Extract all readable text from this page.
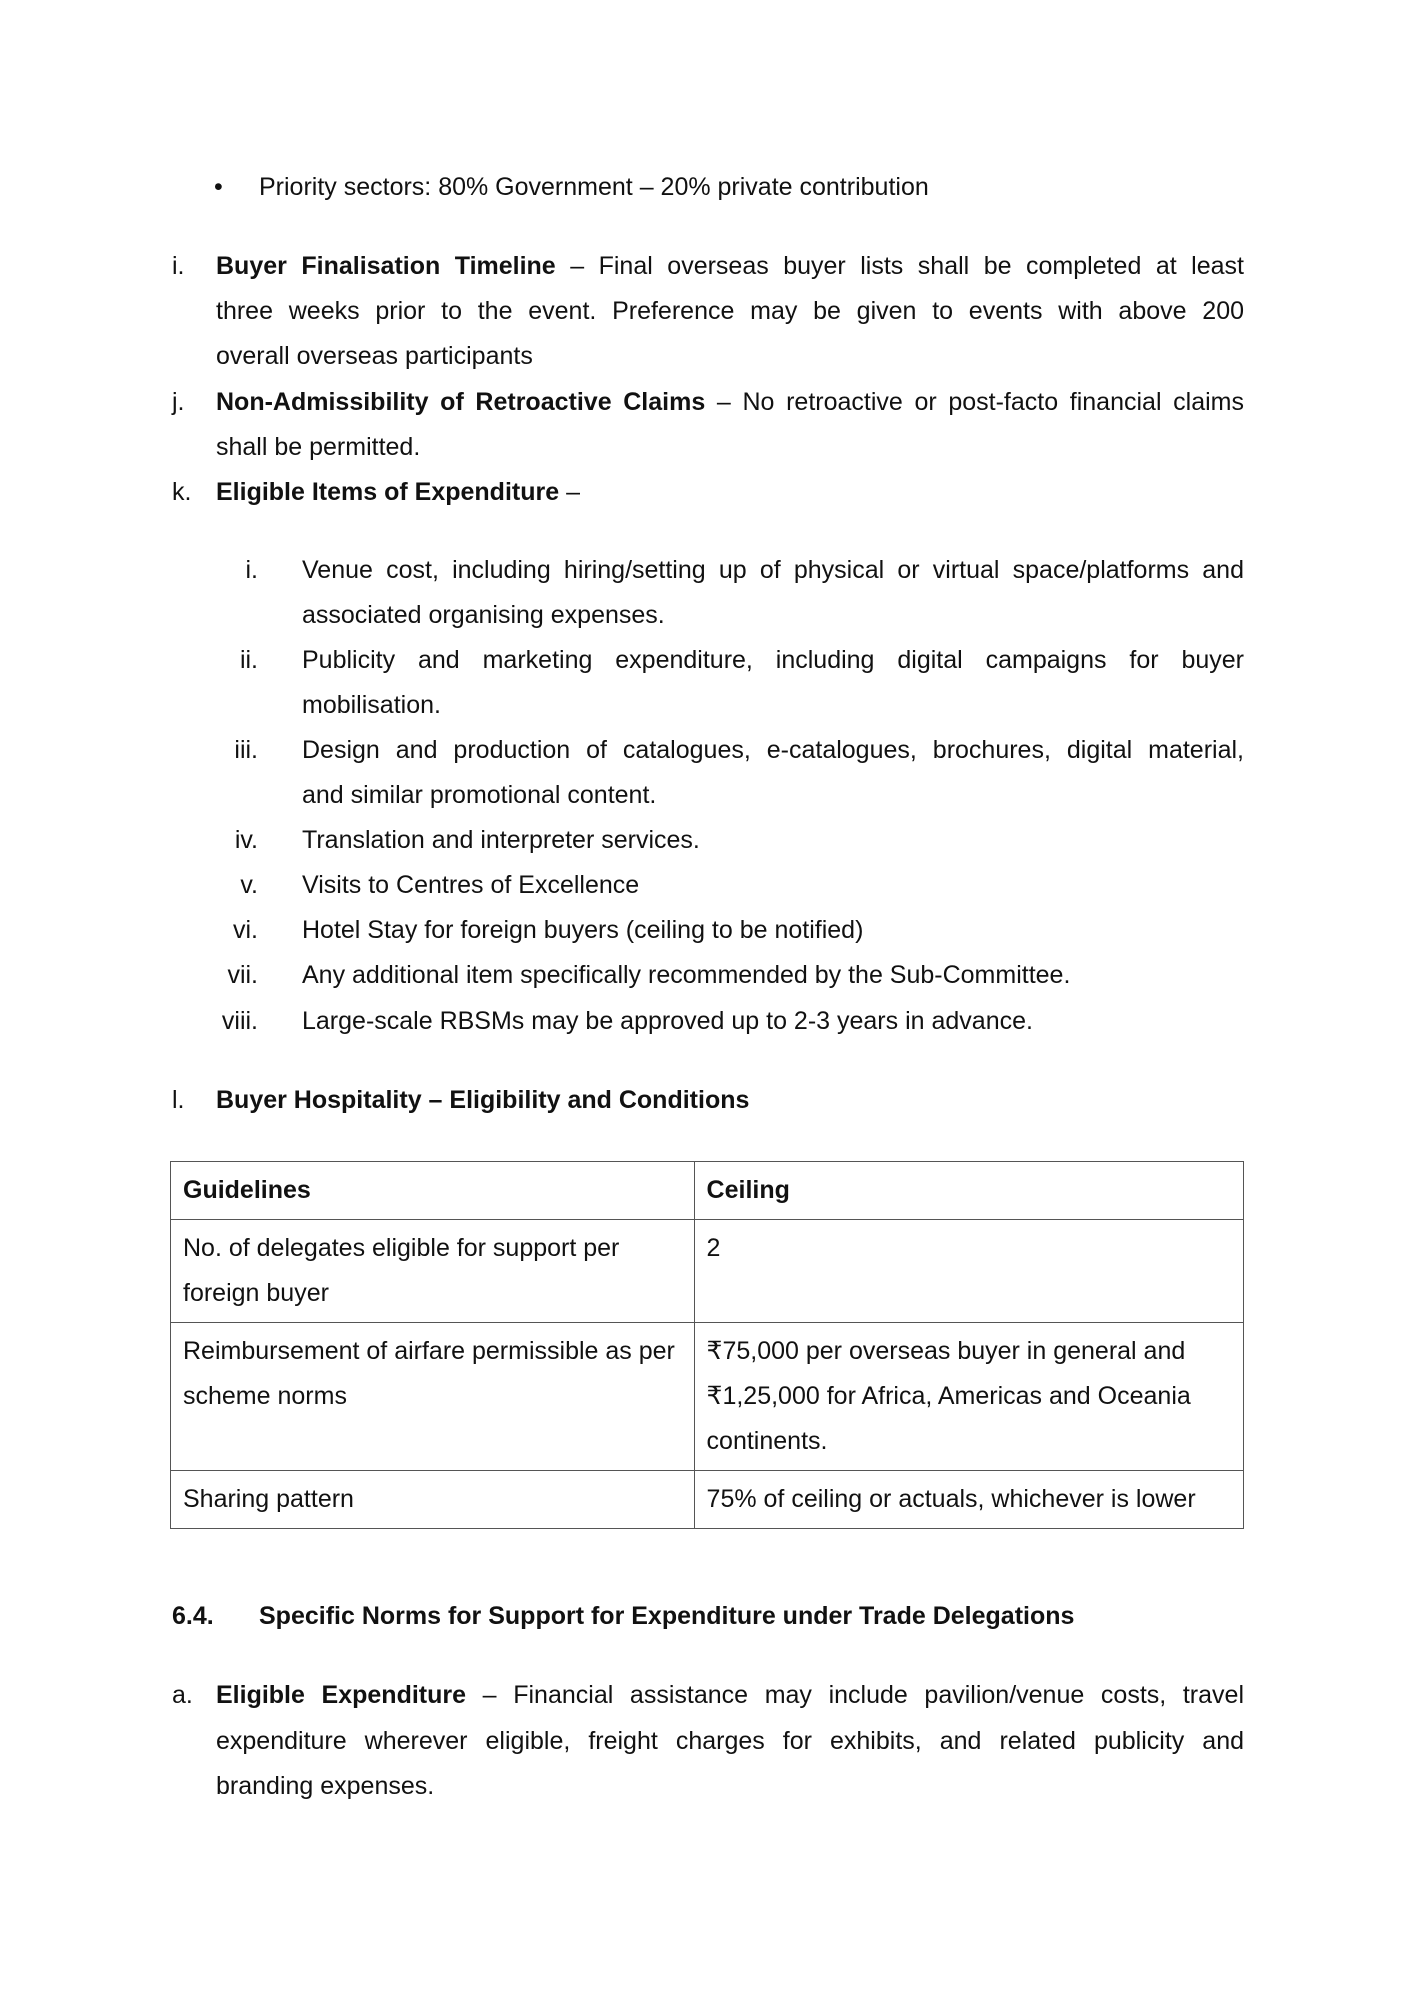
• Priority sectors: 80% Government – 20% private contribution
i. Buyer Finalisation Timeline – Final overseas buyer lists shall be completed at least
three weeks prior to the event. Preference may be given to events with above 200
overall overseas participants
j. Non-Admissibility of Retroactive Claims – No retroactive or post-facto financial claims
shall be permitted.
k. Eligible Items of Expenditure –
i. Venue cost, including hiring/setting up of physical or virtual space/platforms and
associated organising expenses.
ii. Publicity and marketing expenditure, including digital campaigns for buyer
mobilisation.
iii. Design and production of catalogues, e-catalogues, brochures, digital material,
and similar promotional content.
iv. Translation and interpreter services.
v. Visits to Centres of Excellence
vi. Hotel Stay for foreign buyers (ceiling to be notified)
vii. Any additional item specifically recommended by the Sub-Committee.
viii. Large-scale RBSMs may be approved up to 2-3 years in advance.
l. Buyer Hospitality – Eligibility and Conditions
Guidelines	Ceiling
No. of delegates eligible for support per foreign buyer	2
Reimbursement of airfare permissible as per scheme norms	₹75,000 per overseas buyer in general and ₹1,25,000 for Africa, Americas and Oceania continents.
Sharing pattern	75% of ceiling or actuals, whichever is lower
6.4. Specific Norms for Support for Expenditure under Trade Delegations
a. Eligible Expenditure – Financial assistance may include pavilion/venue costs, travel
expenditure wherever eligible, freight charges for exhibits, and related publicity and
branding expenses.
